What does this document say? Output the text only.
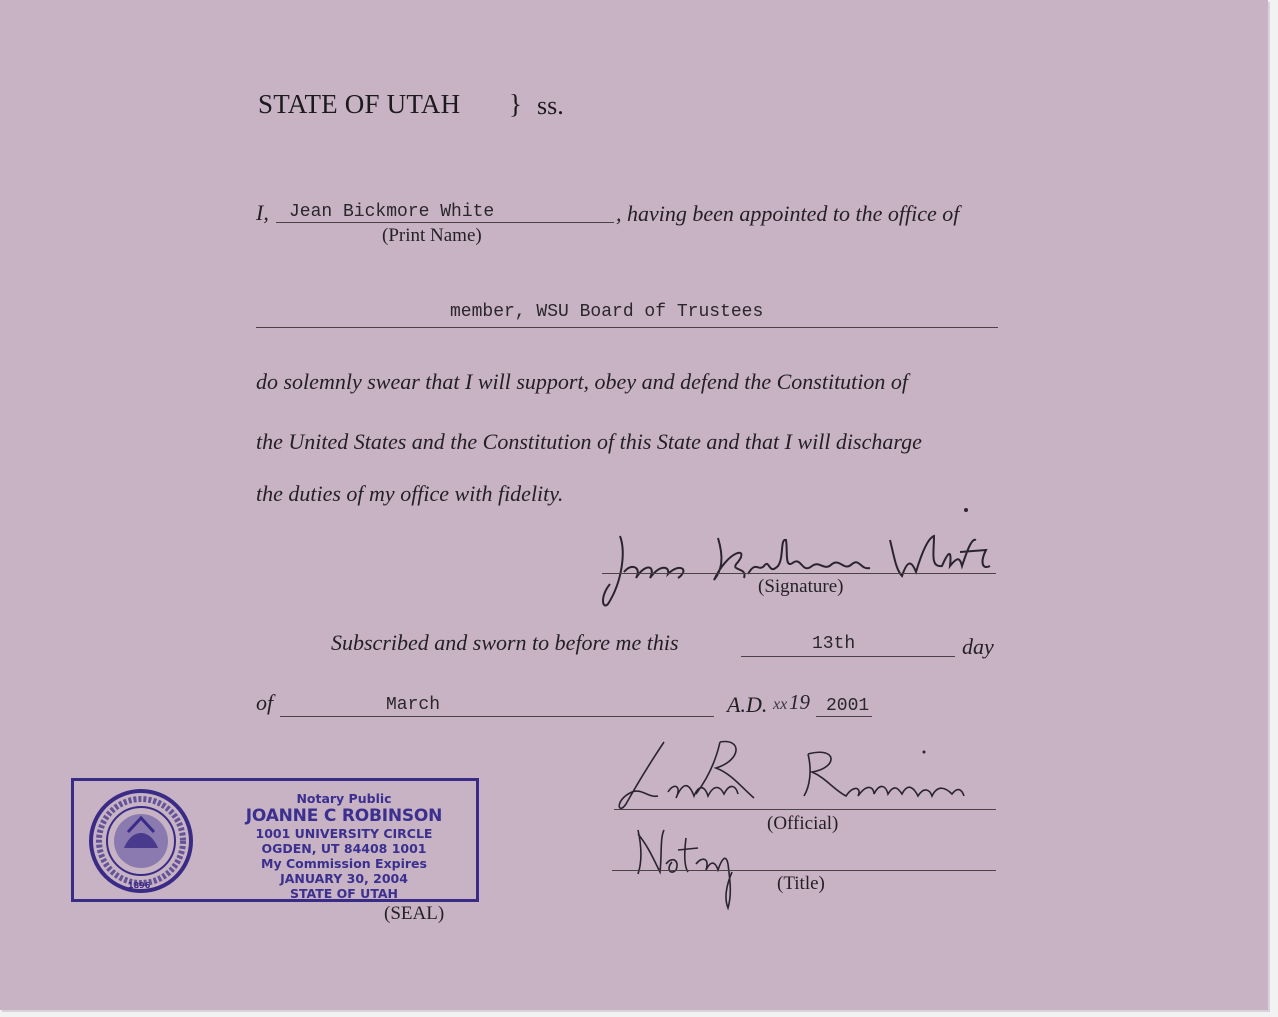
STATE OF UTAH } ss.
I, Jean Bickmore White	, having been appointed to the office of
(Print Name)
member, WSU Board of Trustees
do solemnly swear that I will support, obey and defend the Constitution of
the United States and the Constitution of this State and that I will discharge
the duties of my office with fidelity.
(Signature)
Subscribed and sworn to before me this	13th	day
of	March	A.D. xx 19 2001
(Official)
(Title)
1896
Notary Public
JOANNE C ROBINSON
1001 UNIVERSITY CIRCLE
OGDEN, UT 84408 1001
My Commission Expires
JANUARY 30, 2004
STATE OF UTAH
(SEAL)
